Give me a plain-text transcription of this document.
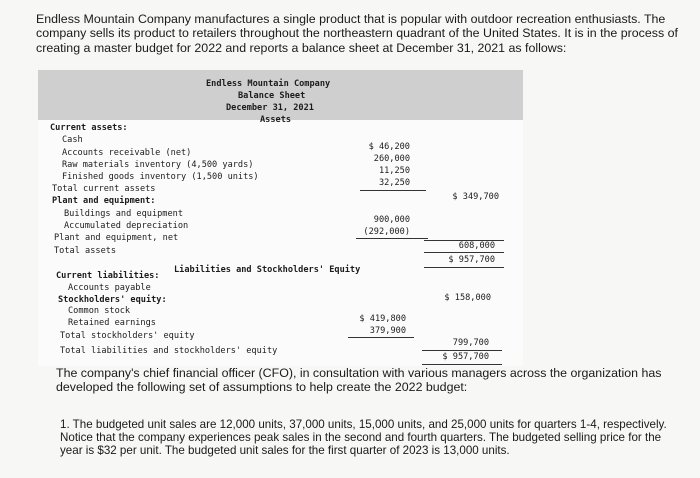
Endless Mountain Company manufactures a single product that is popular with outdoor recreation enthusiasts. The company sells its product to retailers throughout the northeastern quadrant of the United States. It is in the process of creating a master budget for 2022 and reports a balance sheet at December 31, 2021 as follows:

Endless Mountain Company
Balance Sheet
December 31, 2021
Assets
Current assets:
Cash
$ 46,200
Accounts receivable (net)
260,000
Raw materials inventory (4,500 yards)
11,250
Finished goods inventory (1,500 units)
32,250
Total current assets
$ 349,700
Plant and equipment:
Buildings and equipment
900,000
Accumulated depreciation
(292,000)
Plant and equipment, net
608,000
Total assets
$ 957,700
Liabilities and Stockholders' Equity
Current liabilities:
Accounts payable
$ 158,000
Stockholders' equity:
Common stock
$ 419,800
Retained earnings
379,900
Total stockholders' equity
799,700
Total liabilities and stockholders' equity
$ 957,700

The company's chief financial officer (CFO), in consultation with various managers across the organization has developed the following set of assumptions to help create the 2022 budget:

1. The budgeted unit sales are 12,000 units, 37,000 units, 15,000 units, and 25,000 units for quarters 1-4, respectively. Notice that the company experiences peak sales in the second and fourth quarters. The budgeted selling price for the year is $32 per unit. The budgeted unit sales for the first quarter of 2023 is 13,000 units.
